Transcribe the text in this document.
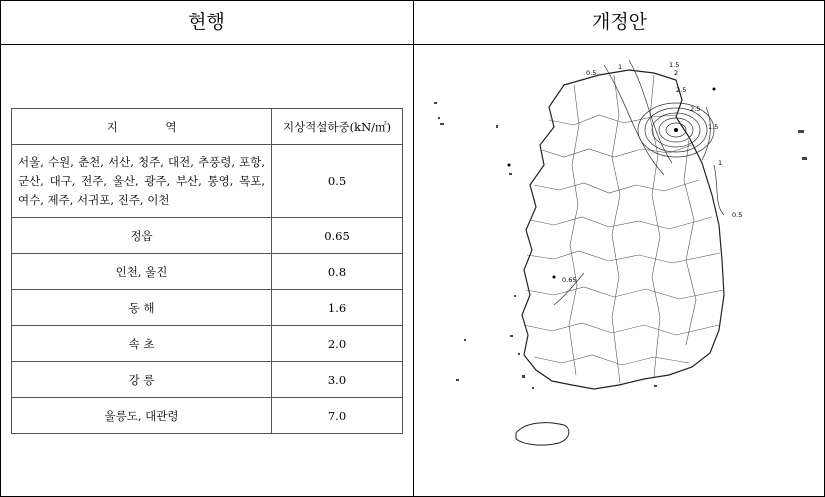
현행	개정안
지 역	지상적설하중(kN/㎡)

서울, 수원, 춘천, 서산, 청주, 대전, 추풍령, 포항, 군산, 대구, 전주, 울산, 광주, 부산, 통영, 목포, 여수, 제주, 서귀포, 진주, 이천	0.5
정읍	0.65
인천, 울진	0.8
동 해	1.6
속 초	2.0
강 릉	3.0
울릉도, 대관령	7.0
0.5
1	1.5
2
2.5
2.5
1.5
1
0.5
0.65
